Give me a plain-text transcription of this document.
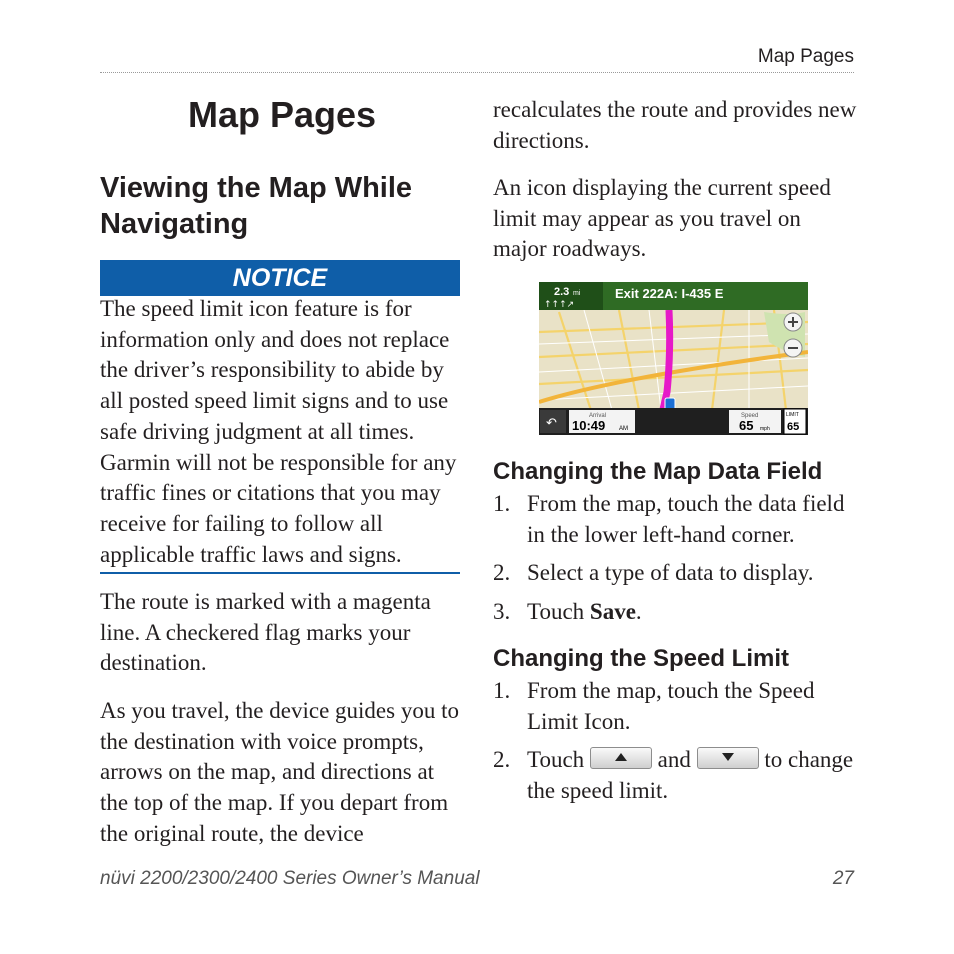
Map Pages
Map Pages
Viewing the Map While Navigating
NOTICE

The speed limit icon feature is for information only and does not replace the driver’s responsibility to abide by all posted speed limit signs and to use safe driving judgment at all times. Garmin will not be responsible for any traffic fines or citations that you may receive for failing to follow all applicable traffic laws and signs.

The route is marked with a magenta line. A checkered flag marks your destination.

As you travel, the device guides you to the destination with voice prompts, arrows on the map, and directions at the top of the map. If you depart from the original route, the device

recalculates the route and provides new directions.

An icon displaying the current speed limit may appear as you travel on major roadways.

2.3 mi
↑↑↑↗
Exit 222A: I-435 E
↶	Arrival
10:49 AM
Speed
65 mph
LIMIT
65
Changing the Map Data Field
1. From the map, touch the data field in the lower left-hand corner.
2. Select a type of data to display.
3. Touch Save.
Changing the Speed Limit
1. From the map, touch the Speed Limit Icon.
2. Touch	and	to change the speed limit.
nüvi 2200/2300/2400 Series Owner’s Manual	27
